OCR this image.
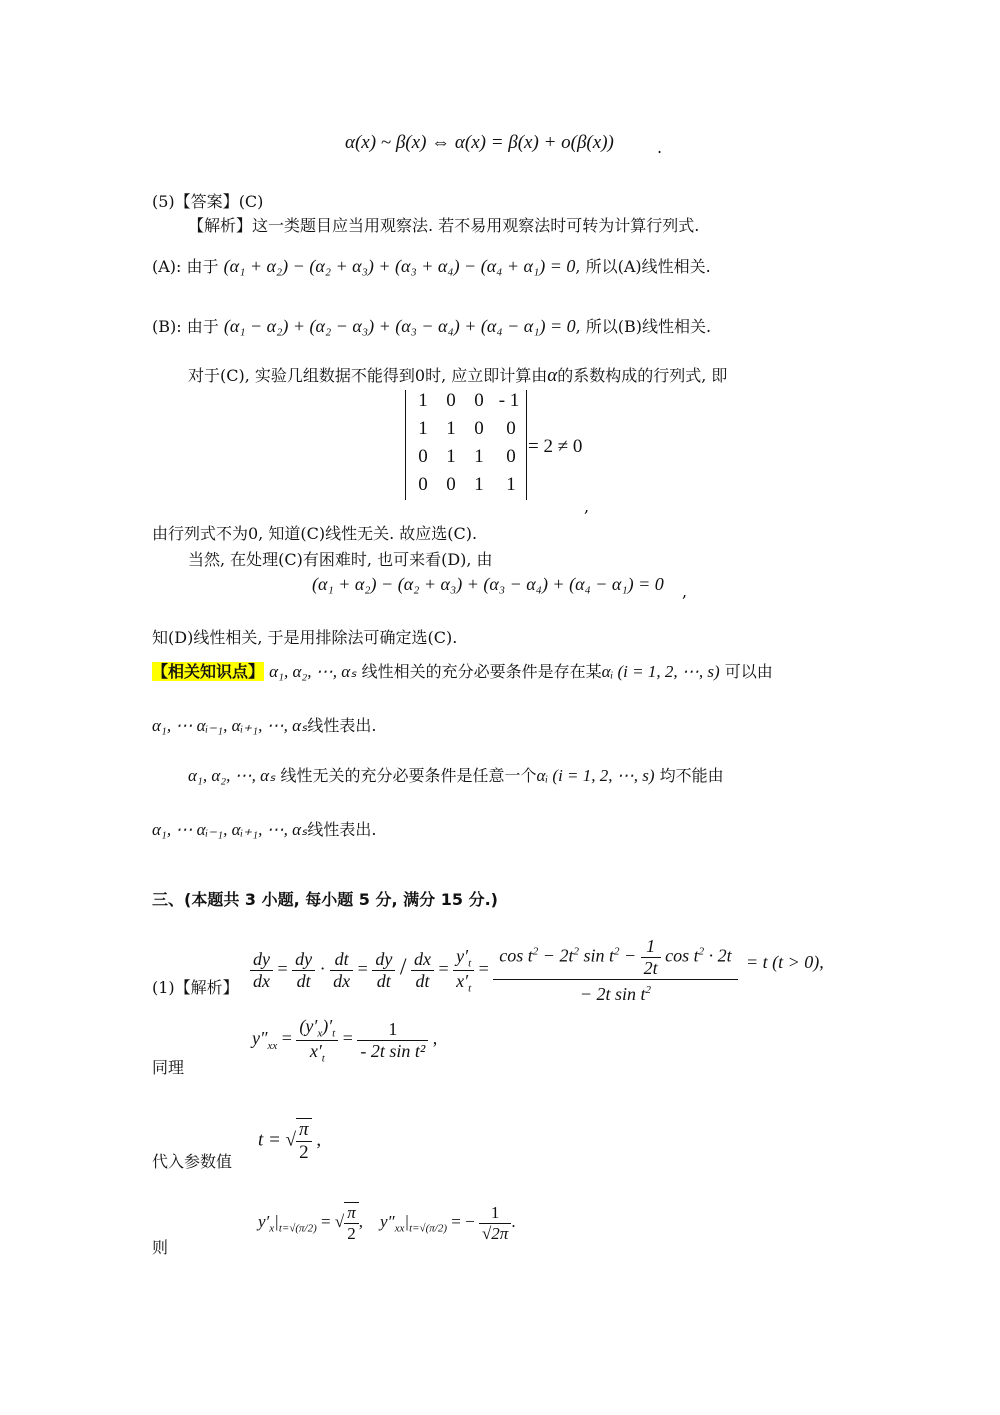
α(x) ~ β(x) ⇔ α(x) = β(x) + o(β(x))	.
(5)【答案】(C)
【解析】这一类题目应当用观察法. 若不易用观察法时可转为计算行列式.
(A): 由于 (α₁ + α₂) − (α₂ + α₃) + (α₃ + α₄) − (α₄ + α₁) = 0, 所以(A)线性相关.
(B): 由于 (α₁ − α₂) + (α₂ − α₃) + (α₃ − α₄) + (α₄ − α₁) = 0, 所以(B)线性相关.
对于(C), 实验几组数据不能得到0时, 应立即计算由α的系数构成的行列式, 即
1 0 0 - 1
1 1 0	0
0 1 1	0
0 0 1	1
= 2 ≠ 0
,
由行列式不为0, 知道(C)线性无关. 故应选(C).
当然, 在处理(C)有困难时, 也可来看(D), 由
(α₁ + α₂) − (α₂ + α₃) + (α₃ − α₄) + (α₄ − α₁) = 0 ,
知(D)线性相关, 于是用排除法可确定选(C).
【相关知识点】 α₁, α₂, ⋯, αₛ 线性相关的充分必要条件是存在某αᵢ (i = 1, 2, ⋯, s) 可以由
α₁, ⋯ αᵢ₋₁, αᵢ₊₁, ⋯, αₛ线性表出.
α₁, α₂, ⋯, αₛ 线性无关的充分必要条件是任意一个αᵢ (i = 1, 2, ⋯, s) 均不能由
α₁, ⋯ αᵢ₋₁, αᵢ₊₁, ⋯, αₛ线性表出.
三、(本题共 3 小题, 每小题 5 分, 满分 15 分.)
(1)【解析】 $\frac{dy}{dx} = \frac{dy}{dt} \cdot \frac{dt}{dx} = \frac{dy}{dt} / \frac{dx}{dt} = \frac{y'_t}{x'_t} = \frac{\cos t^2 - 2t^2 \sin t^2 - \frac{1}{2t} \cos t^2 \cdot 2t}{- 2t \sin t^2} = t$ (t > 0),
同理
$y''_{xx} = \frac{(y'_x)'_t}{x'_t} = \frac{1}{\text{- 2t sin t²}}$ ,
代入参数值
t = √ $\frac{\pi}{2}$ ,
则
$y'_x|_{t=√(\pi/2)}$ = √ $\frac{\pi}{2}$ ,    $y''_{xx}|_{t=√(\pi/2)}$ = − $\frac{1}{√2\pi}$ .
